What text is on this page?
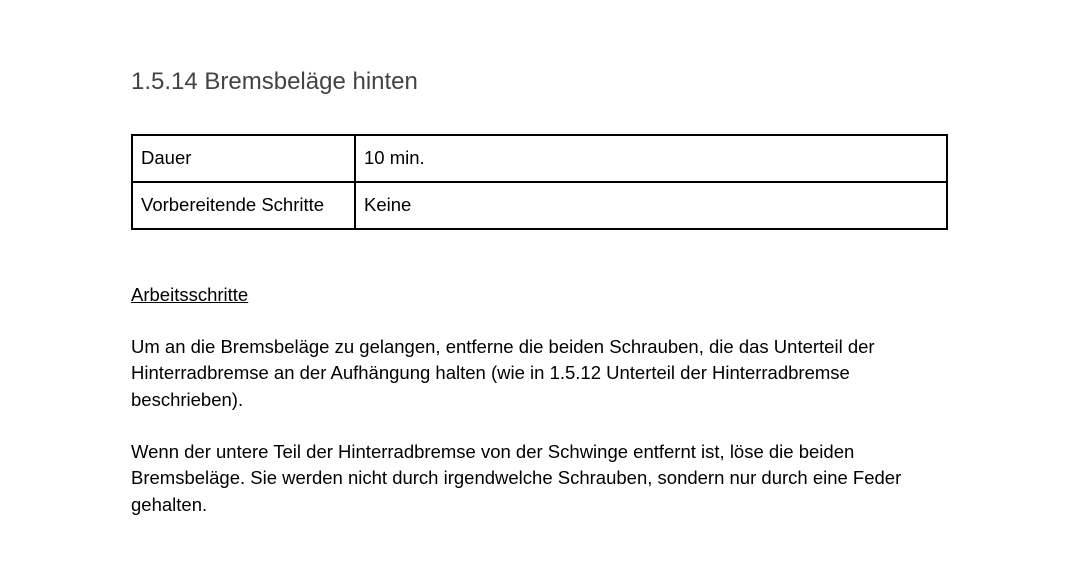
1.5.14 Bremsbeläge hinten
Dauer	10 min.
Vorbereitende Schritte	Keine

Arbeitsschritte

Um an die Bremsbeläge zu gelangen, entferne die beiden Schrauben, die das Unterteil der Hinterradbremse an der Aufhängung halten (wie in 1.5.12 Unterteil der Hinterradbremse beschrieben).

Wenn der untere Teil der Hinterradbremse von der Schwinge entfernt ist, löse die beiden Bremsbeläge. Sie werden nicht durch irgendwelche Schrauben, sondern nur durch eine Feder gehalten.
